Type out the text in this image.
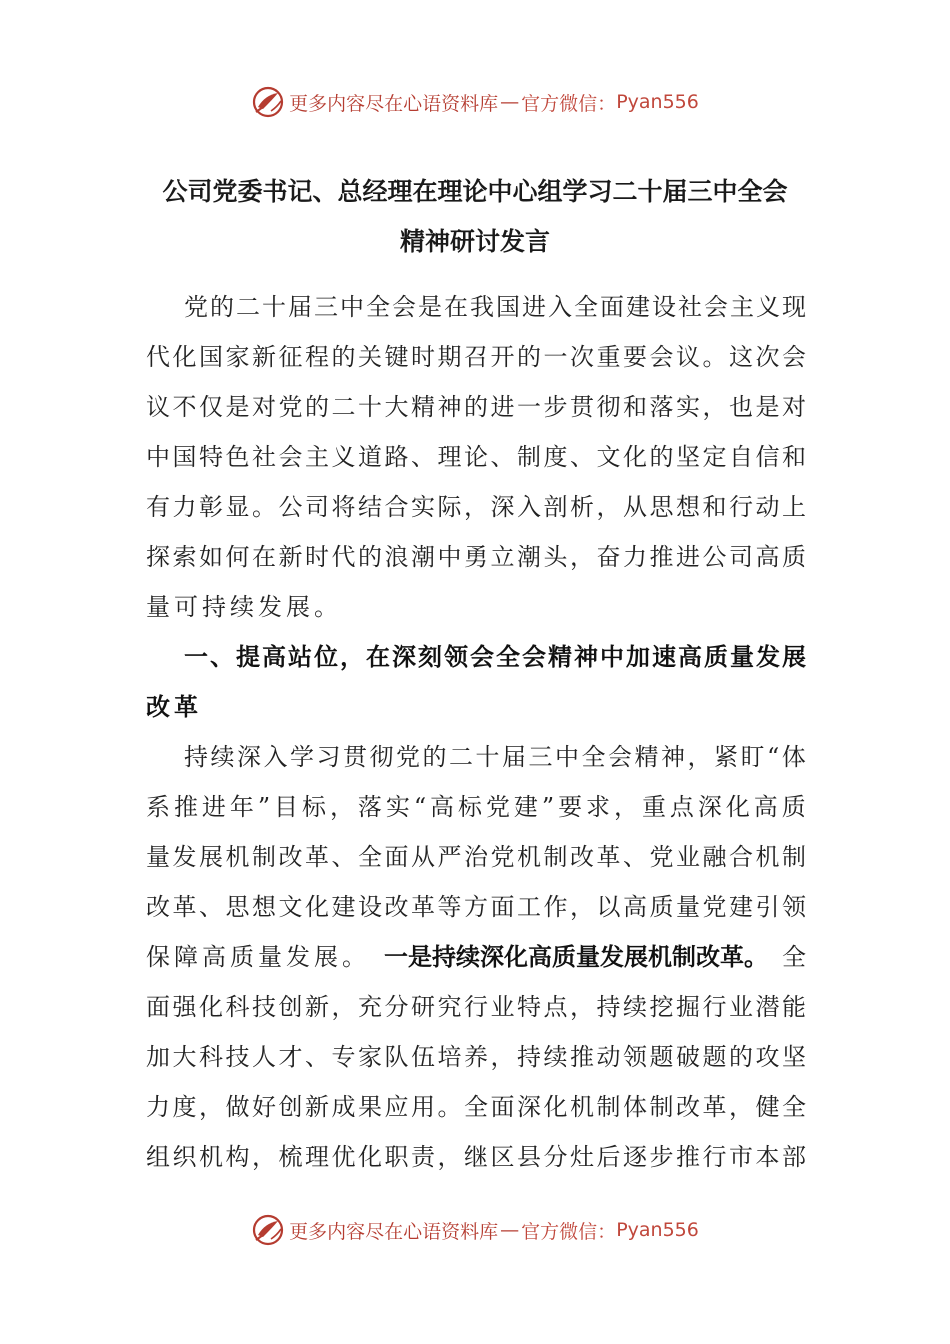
更多内容尽在心语资料库 — 官方微信： Pyan556
公司党委书记、总经理在理论中心组学习二十届三中全会
精神研讨发言
党 的 二 十 届 三 中 全 会 是 在 我 国 进 入 全 面 建 设 社 会 主 义 现
代 化 国 家 新 征 程 的 关 键 时 期 召 开 的 一 次 重 要 会 议 。 这 次 会
议 不 仅 是 对 党 的 二 十 大 精 神 的 进 一 步 贯 彻 和 落 实 ， 也 是 对
中 国 特 色 社 会 主 义 道 路 、 理 论 、 制 度 、 文 化 的 坚 定 自 信 和
有 力 彰 显 。 公 司 将 结 合 实 际 ， 深 入 剖 析 ， 从 思 想 和 行 动 上
探 索 如 何 在 新 时 代 的 浪 潮 中 勇 立 潮 头 ， 奋 力 推 进 公 司 高 质
量可持续发展。
一 、 提 高 站 位 ， 在 深 刻 领 会 全 会 精 神 中 加 速 高 质 量 发 展
改革
持 续 深 入 学 习 贯 彻 党 的 二 十 届 三 中 全 会 精 神 ， 紧 盯 “ 体
系 推 进 年 ” 目 标 ， 落 实 “ 高 标 党 建 ” 要 求 ， 重 点 深 化 高 质
量 发 展 机 制 改 革 、 全 面 从 严 治 党 机 制 改 革 、 党 业 融 合 机 制
改 革 、 思 想 文 化 建 设 改 革 等 方 面 工 作 ， 以 高 质 量 党 建 引 领
保障高质量发展。 一是持续深化高质量发展机制改革。 全
面 强 化 科 技 创 新 ， 充 分 研 究 行 业 特 点 ， 持 续 挖 掘 行 业 潜 能
加 大 科 技 人 才 、 专 家 队 伍 培 养 ， 持 续 推 动 领 题 破 题 的 攻 坚
力 度 ， 做 好 创 新 成 果 应 用 。 全 面 深 化 机 制 体 制 改 革 ， 健 全
组 织 机 构 ， 梳 理 优 化 职 责 ， 继 区 县 分 灶 后 逐 步 推 行 市 本 部
更多内容尽在心语资料库 — 官方微信： Pyan556
